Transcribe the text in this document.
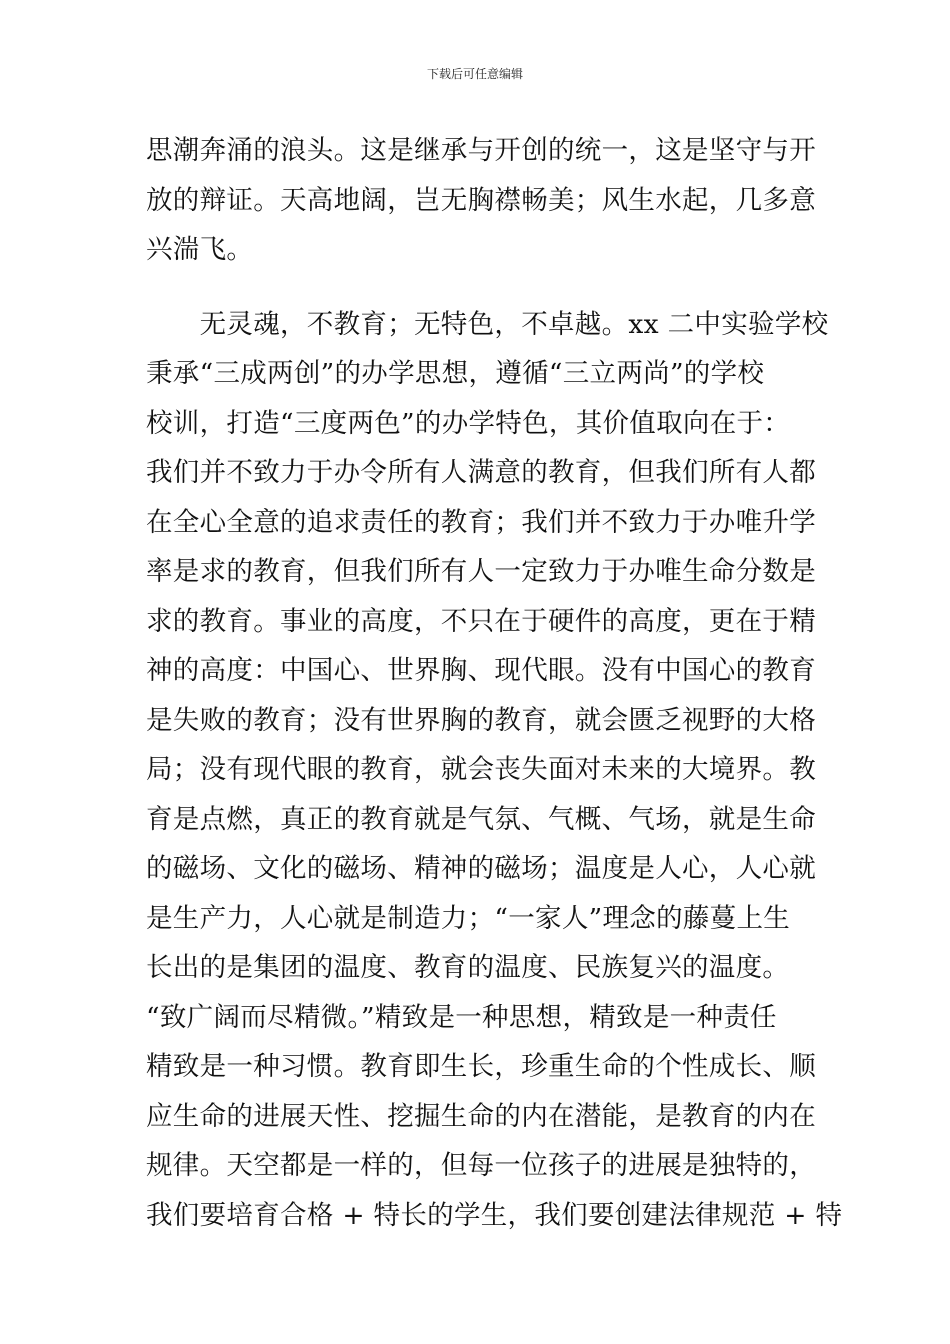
下载后可任意编辑
思潮奔涌的浪头。这是继承与开创的统一，这是坚守与开
放的辩证。天高地阔，岂无胸襟畅美；风生水起，几多意
兴湍飞。
　　无灵魂，不教育；无特色，不卓越。xx 二中实验学校
秉承“三成两创”的办学思想，遵循“三立两尚”的学校
校训，打造“三度两色”的办学特色，其价值取向在于：
我们并不致力于办令所有人满意的教育，但我们所有人都
在全心全意的追求责任的教育；我们并不致力于办唯升学
率是求的教育，但我们所有人一定致力于办唯生命分数是
求的教育。事业的高度，不只在于硬件的高度，更在于精
神的高度：中国心、世界胸、现代眼。没有中国心的教育
是失败的教育；没有世界胸的教育，就会匮乏视野的大格
局；没有现代眼的教育，就会丧失面对未来的大境界。教
育是点燃，真正的教育就是气氛、气概、气场，就是生命
的磁场、文化的磁场、精神的磁场；温度是人心，人心就
是生产力，人心就是制造力；“一家人”理念的藤蔓上生
长出的是集团的温度、教育的温度、民族复兴的温度。
“致广阔而尽精微。”精致是一种思想，精致是一种责任
精致是一种习惯。教育即生长，珍重生命的个性成长、顺
应生命的进展天性、挖掘生命的内在潜能，是教育的内在
规律。天空都是一样的，但每一位孩子的进展是独特的，
我们要培育合格 + 特长的学生，我们要创建法律规范 + 特
